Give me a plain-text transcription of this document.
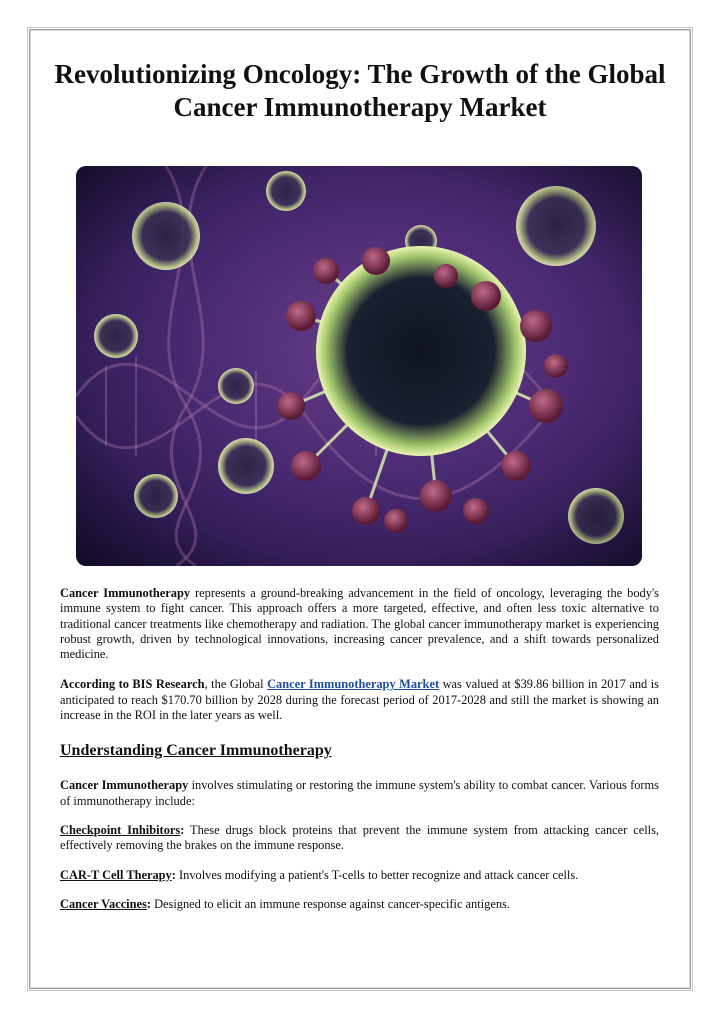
Revolutionizing Oncology: The Growth of the Global Cancer Immunotherapy Market

Cancer Immunotherapy represents a ground-breaking advancement in the field of oncology, leveraging the body's immune system to fight cancer. This approach offers a more targeted, effective, and often less toxic alternative to traditional cancer treatments like chemotherapy and radiation. The global cancer immunotherapy market is experiencing robust growth, driven by technological innovations, increasing cancer prevalence, and a shift towards personalized medicine.

According to BIS Research, the Global Cancer Immunotherapy Market was valued at $39.86 billion in 2017 and is anticipated to reach $170.70 billion by 2028 during the forecast period of 2017-2028 and still the market is showing an increase in the ROI in the later years as well.

Understanding Cancer Immunotherapy

Cancer Immunotherapy involves stimulating or restoring the immune system's ability to combat cancer. Various forms of immunotherapy include:

Checkpoint Inhibitors: These drugs block proteins that prevent the immune system from attacking cancer cells, effectively removing the brakes on the immune response.

CAR-T Cell Therapy: Involves modifying a patient's T-cells to better recognize and attack cancer cells.

Cancer Vaccines: Designed to elicit an immune response against cancer-specific antigens.
